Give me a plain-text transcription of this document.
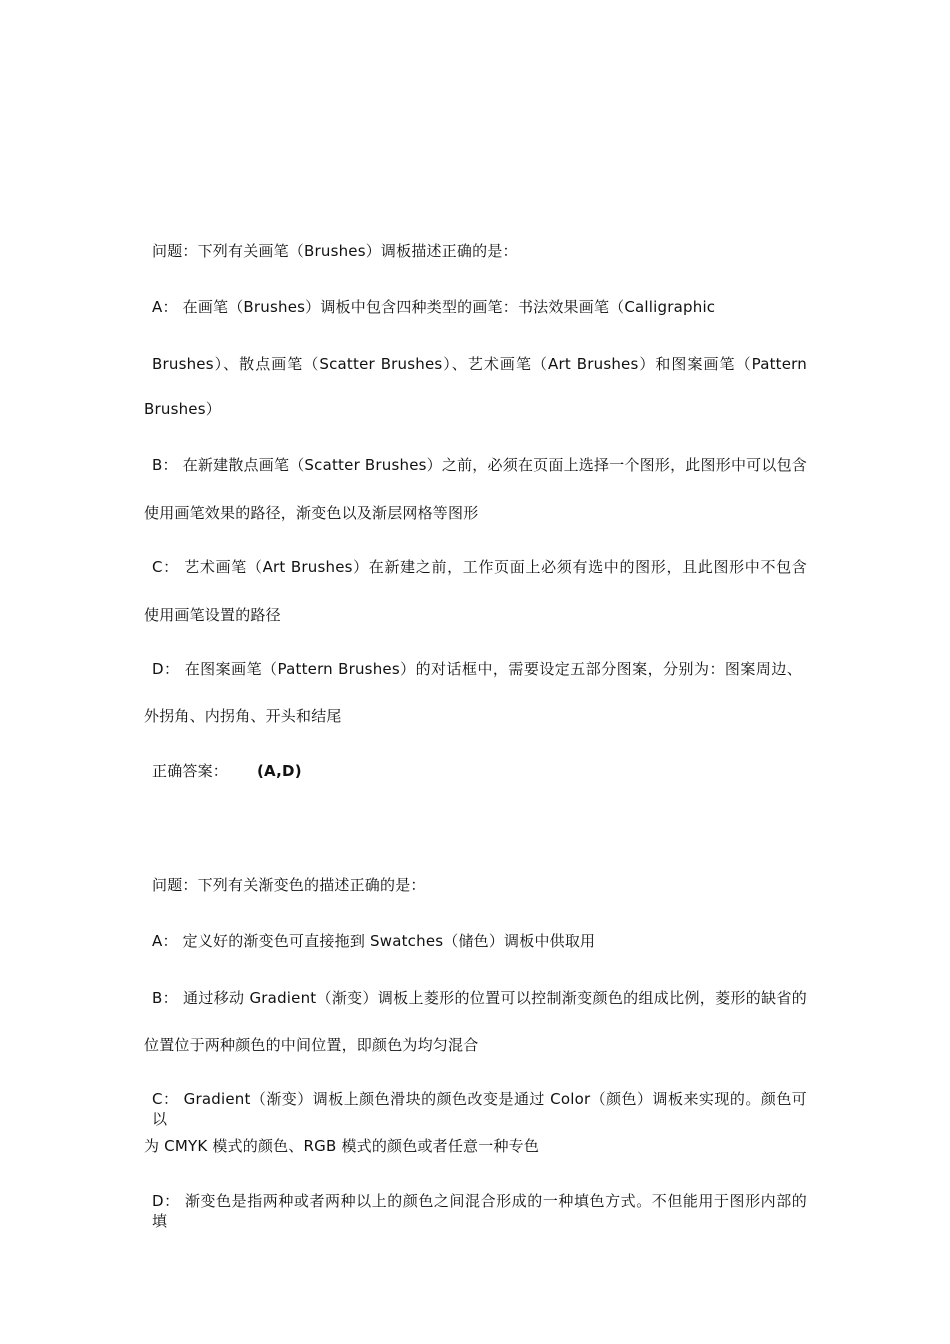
问题：下列有关画笔（Brushes）调板描述正确的是：
A： 在画笔（Brushes）调板中包含四种类型的画笔：书法效果画笔（Calligraphic
Brushes）、散点画笔（Scatter Brushes）、艺术画笔（Art Brushes）和图案画笔（Pattern
Brushes）
B： 在新建散点画笔（Scatter Brushes）之前，必须在页面上选择一个图形，此图形中可以包含
使用画笔效果的路径，渐变色以及渐层网格等图形
C： 艺术画笔（Art Brushes）在新建之前，工作页面上必须有选中的图形，且此图形中不包含
使用画笔设置的路径
D： 在图案画笔（Pattern Brushes）的对话框中，需要设定五部分图案，分别为：图案周边、
外拐角、内拐角、开头和结尾
正确答案： (A,D)
问题：下列有关渐变色的描述正确的是：
A： 定义好的渐变色可直接拖到 Swatches（储色）调板中供取用
B： 通过移动 Gradient（渐变）调板上菱形的位置可以控制渐变颜色的组成比例，菱形的缺省的
位置位于两种颜色的中间位置，即颜色为均匀混合
C： Gradient（渐变）调板上颜色滑块的颜色改变是通过 Color（颜色）调板来实现的。颜色可以
为 CMYK 模式的颜色、RGB 模式的颜色或者任意一种专色
D： 渐变色是指两种或者两种以上的颜色之间混合形成的一种填色方式。不但能用于图形内部的填
